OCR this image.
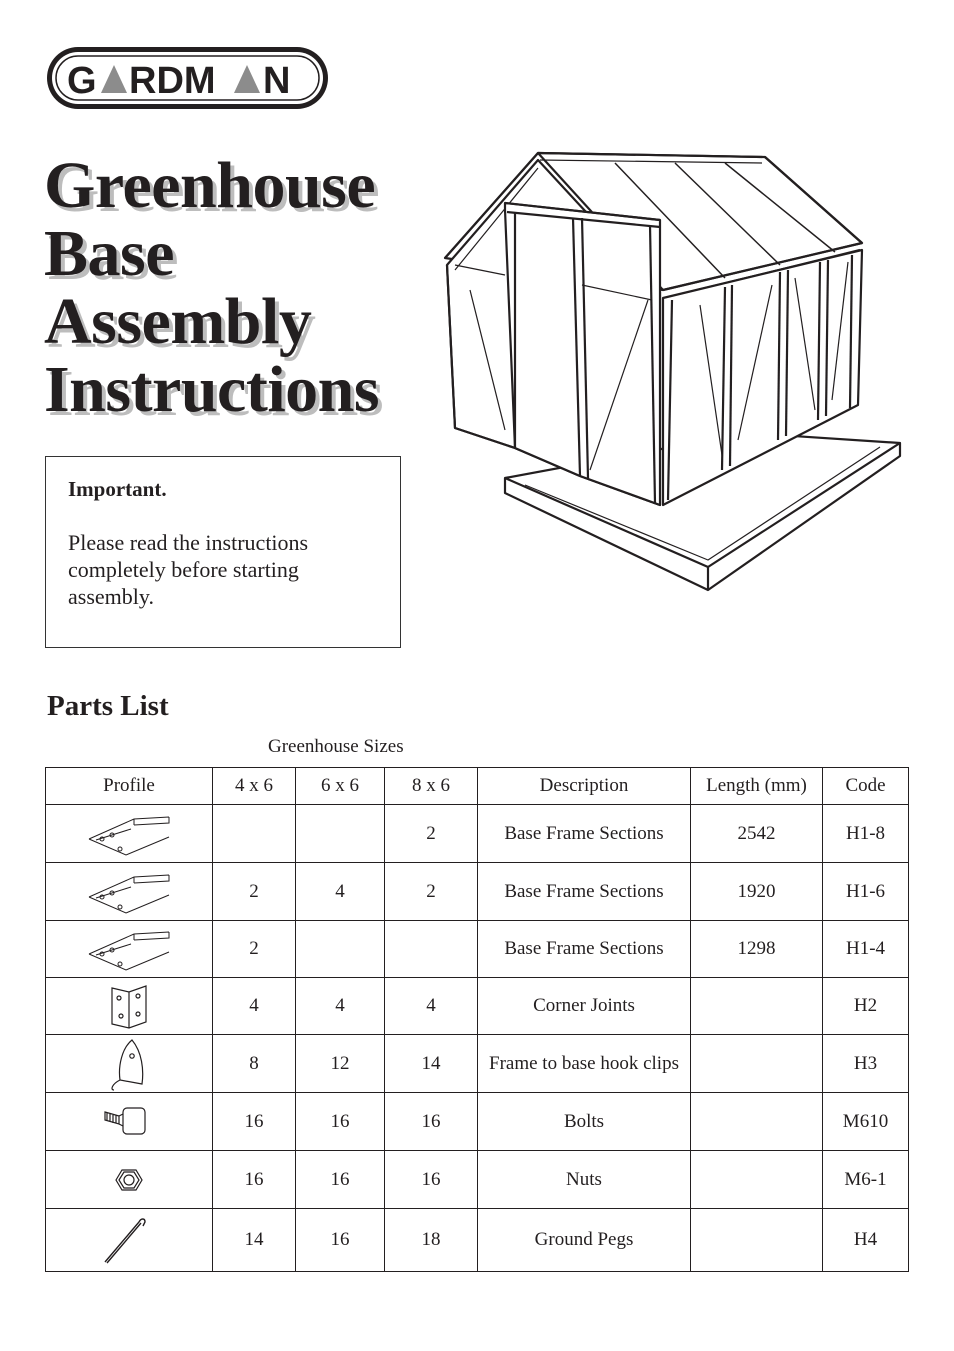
G RDM N
Greenhouse
Base
Assembly
Instructions

Important.

Please read the instructions completely before starting assembly.

Parts List
Greenhouse Sizes
Profile	4 x 6	6 x 6	8 x 6	Description	Length (mm)	Code

			2	Base Frame Sections	2542	H1-8

	2	4	2	Base Frame Sections	1920	H1-6

	2			Base Frame Sections	1298	H1-4

	4	4	4	Corner Joints		H2

	8	12	14	Frame to base hook clips		H3

	16	16	16	Bolts		M610

	16	16	16	Nuts		M6-1

	14	16	18	Ground Pegs		H4
